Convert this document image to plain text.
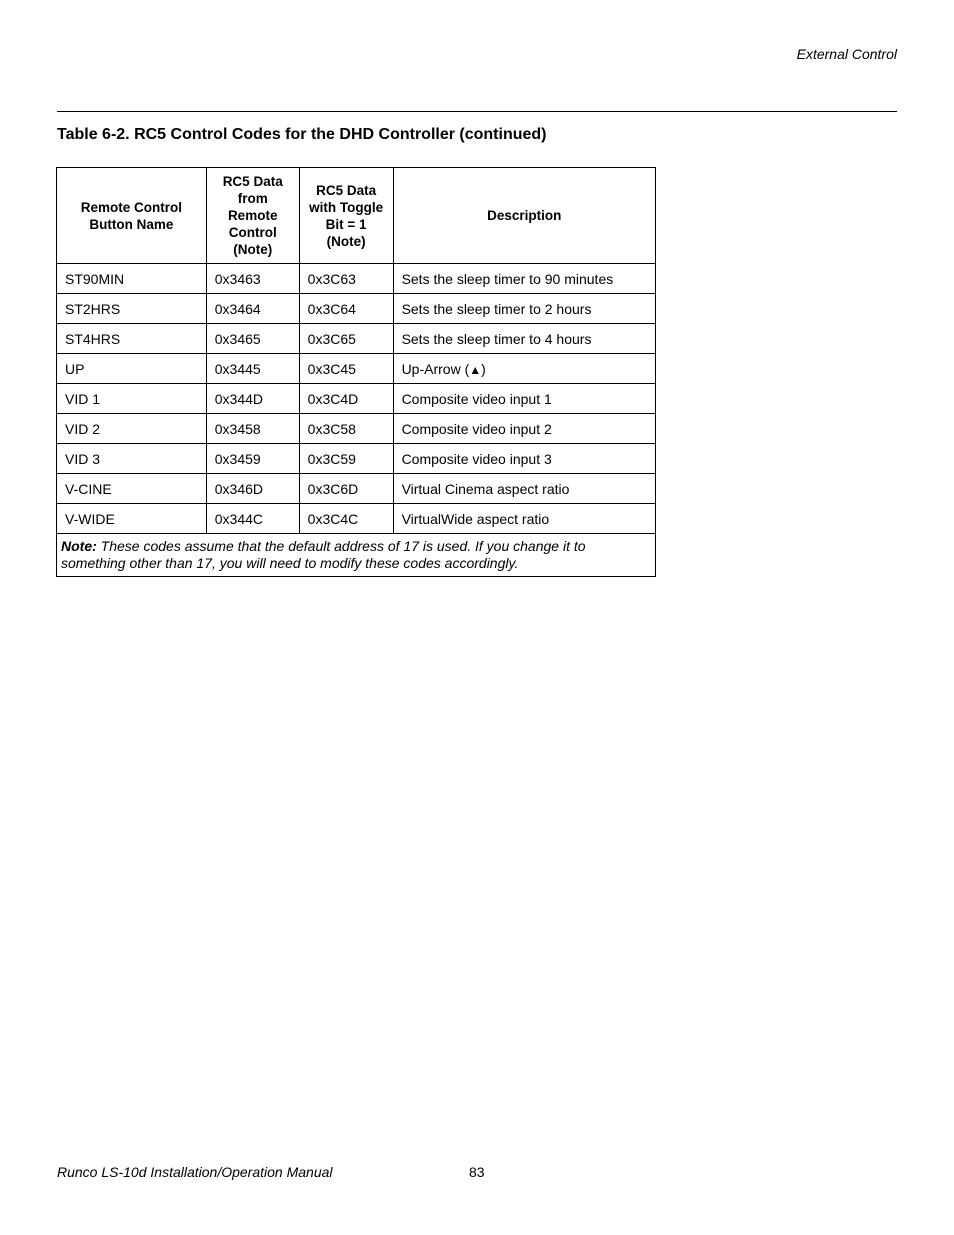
External Control
Table 6-2. RC5 Control Codes for the DHD Controller (continued)
Remote Control Button Name	RC5 Data from Remote Control (Note)	RC5 Data with Toggle Bit = 1 (Note)	Description
ST90MIN	0x3463	0x3C63	Sets the sleep timer to 90 minutes
ST2HRS	0x3464	0x3C64	Sets the sleep timer to 2 hours
ST4HRS	0x3465	0x3C65	Sets the sleep timer to 4 hours
UP	0x3445	0x3C45	Up-Arrow (▲)
VID 1	0x344D	0x3C4D	Composite video input 1
VID 2	0x3458	0x3C58	Composite video input 2
VID 3	0x3459	0x3C59	Composite video input 3
V-CINE	0x346D	0x3C6D	Virtual Cinema aspect ratio
V-WIDE	0x344C	0x3C4C	VirtualWide aspect ratio
Note: These codes assume that the default address of 17 is used. If you change it to something other than 17, you will need to modify these codes accordingly.			
Runco LS-10d Installation/Operation Manual	83
